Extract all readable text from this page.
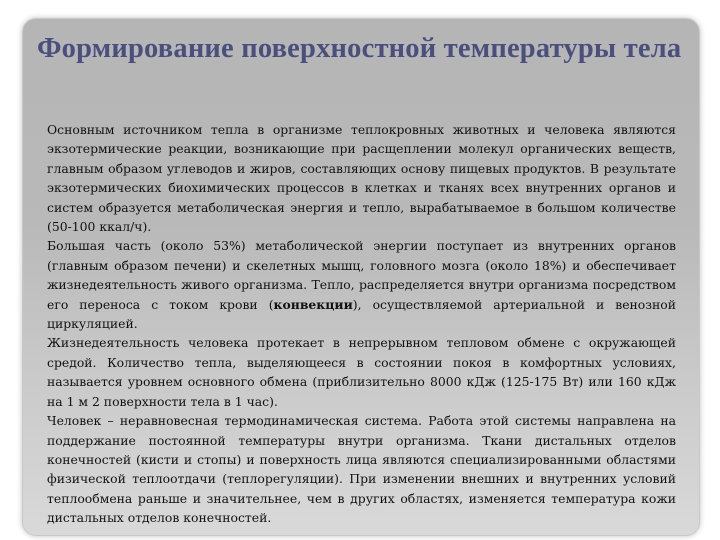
Формирование поверхностной температуры тела

Основным источником тепла в организме теплокровных животных и человека являются экзотермические реакции, возникающие при расщеплении молекул органических веществ, главным образом углеводов и жиров, составляющих основу пищевых продуктов. В результате экзотермических биохимических процессов в клетках и тканях всех внутренних органов и систем образуется метаболическая энергия и тепло, вырабатываемое в большом количестве (50-100 ккал/ч).

Большая часть (около 53%) метаболической энергии поступает из внутренних органов (главным образом печени) и скелетных мышц, головного мозга (около 18%) и обеспечивает жизнедеятельность живого организма. Тепло, распределяется внутри организма посредством его переноса с током крови (конвекции), осуществляемой артериальной и венозной циркуляцией.

Жизнедеятельность человека протекает в непрерывном тепловом обмене с окружающей средой. Количество тепла, выделяющееся в состоянии покоя в комфортных условиях, называется уровнем основного обмена (приблизительно 8000 кДж (125-175 Вт) или 160 кДж на 1 м 2 поверхности тела в 1 час).

Человек – неравновесная термодинамическая система. Работа этой системы направлена на поддержание постоянной температуры внутри организма. Ткани дистальных отделов конечностей (кисти и стопы) и поверхность лица являются специализированными областями физической теплоотдачи (теплорегуляции). При изменении внешних и внутренних условий теплообмена раньше и значительнее, чем в других областях, изменяется температура кожи дистальных отделов конечностей.
